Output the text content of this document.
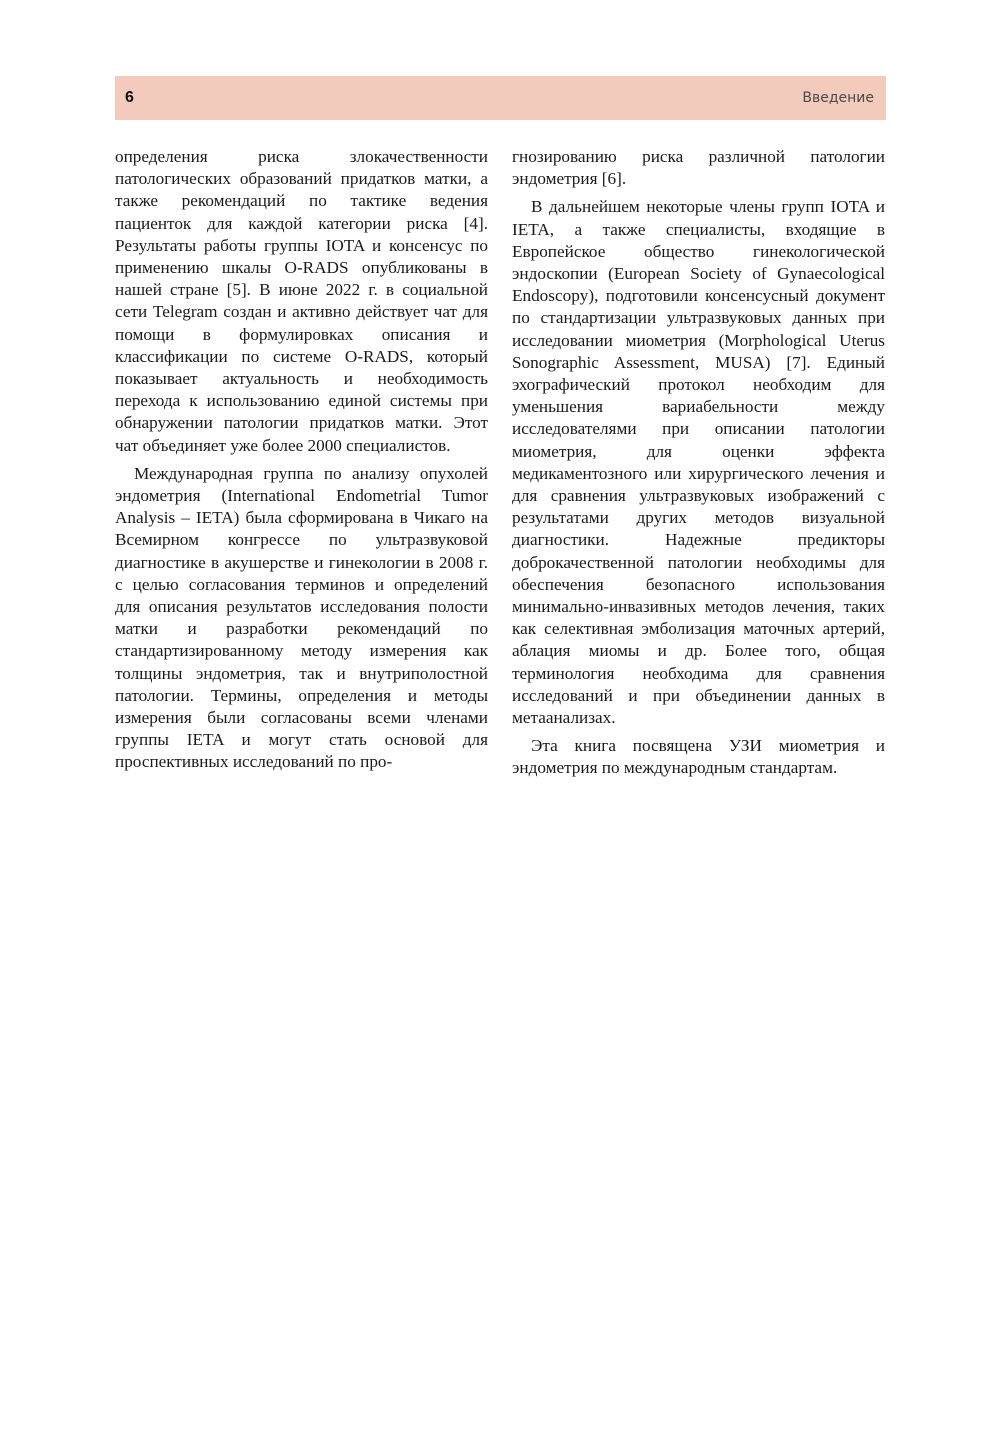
6	Введение

определения риска злокачественности патологических образований придатков матки, а также рекомендаций по тактике ведения пациенток для каждой категории риска [4]. Результаты работы группы IOTA и консенсус по применению шкалы O-RADS опубликованы в нашей стране [5]. В июне 2022 г. в социальной сети Telegram создан и активно действует чат для помощи в формулировках описания и классификации по системе O-RADS, который показывает актуальность и необходимость перехода к использованию единой системы при обнаружении патологии придатков матки. Этот чат объединяет уже более 2000 специалистов.

Международная группа по анализу опухолей эндометрия (International Endometrial Tumor Analysis – IETA) была сформирована в Чикаго на Всемирном конгрессе по ультразвуковой диагностике в акушерстве и гинекологии в 2008 г. с целью согласования терминов и определений для описания результатов исследования полости матки и разработки рекомендаций по стандартизированному методу измерения как толщины эндометрия, так и внутриполостной патологии. Термины, определения и методы измерения были согласованы всеми членами группы IETA и могут стать основой для проспективных исследований по про-

гнозированию риска различной патологии эндометрия [6].

В дальнейшем некоторые члены групп IOTA и IETA, а также специалисты, входящие в Европейское общество гинекологической эндоскопии (European Society of Gynaecological Endoscopy), подготовили консенсусный документ по стандартизации ультразвуковых данных при исследовании миометрия (Morphological Uterus Sonographic Assessment, MUSA) [7]. Единый эхографический протокол необходим для уменьшения вариабельности между исследователями при описании патологии миометрия, для оценки эффекта медикаментозного или хирургического лечения и для сравнения ультразвуковых изображений с результатами других методов визуальной диагностики. Надежные предикторы доброкачественной патологии необходимы для обеспечения безопасного использования минимально-инвазивных методов лечения, таких как селективная эмболизация маточных артерий, аблация миомы и др. Более того, общая терминология необходима для сравнения исследований и при объединении данных в метаанализах.

Эта книга посвящена УЗИ миометрия и эндометрия по международным стандартам.
